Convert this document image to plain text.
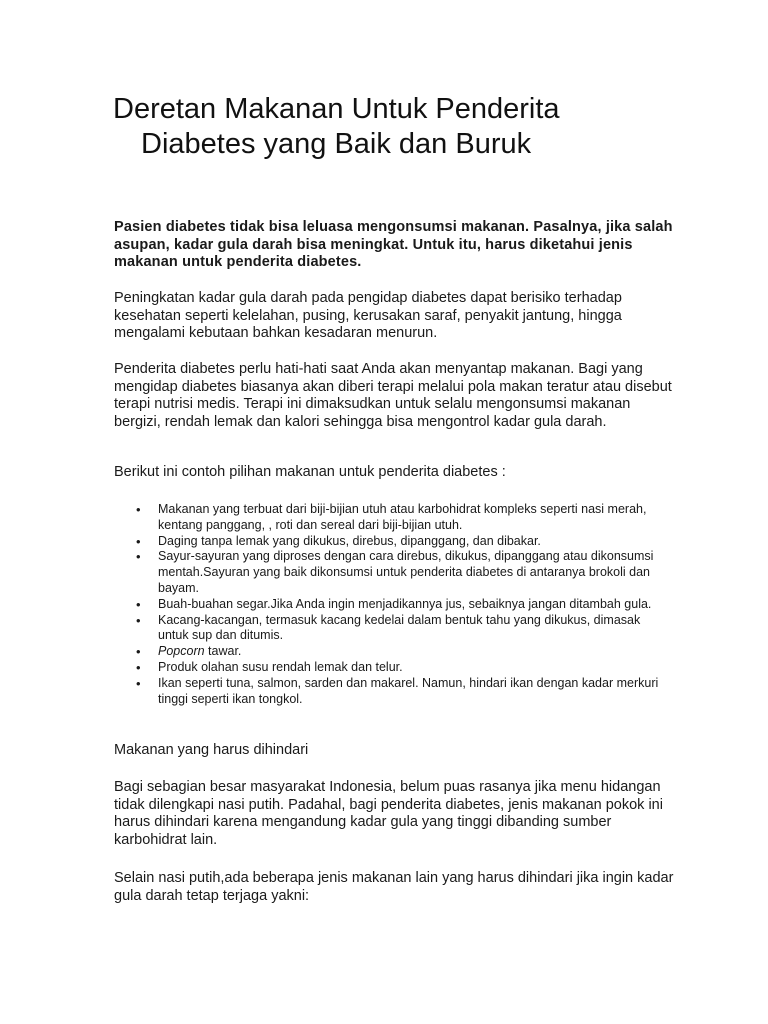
Deretan Makanan Untuk Penderita
Diabetes yang Baik dan Buruk

Pasien diabetes tidak bisa leluasa mengonsumsi makanan. Pasalnya, jika salah asupan, kadar gula darah bisa meningkat. Untuk itu, harus diketahui jenis makanan untuk penderita diabetes.

Peningkatan kadar gula darah pada pengidap diabetes dapat berisiko terhadap kesehatan seperti kelelahan, pusing, kerusakan saraf, penyakit jantung, hingga mengalami kebutaan bahkan kesadaran menurun.

Penderita diabetes perlu hati-hati saat Anda akan menyantap makanan. Bagi yang mengidap diabetes biasanya akan diberi terapi melalui pola makan teratur atau disebut terapi nutrisi medis. Terapi ini dimaksudkan untuk selalu mengonsumsi makanan bergizi, rendah lemak dan kalori sehingga bisa mengontrol kadar gula darah.

Berikut ini contoh pilihan makanan untuk penderita diabetes :

• Makanan yang terbuat dari biji-bijian utuh atau karbohidrat kompleks seperti nasi merah, kentang panggang, , roti dan sereal dari biji-bijian utuh.
• Daging tanpa lemak yang dikukus, direbus, dipanggang, dan dibakar.
• Sayur-sayuran yang diproses dengan cara direbus, dikukus, dipanggang atau dikonsumsi mentah.Sayuran yang baik dikonsumsi untuk penderita diabetes di antaranya brokoli dan bayam.
• Buah-buahan segar.Jika Anda ingin menjadikannya jus, sebaiknya jangan ditambah gula.
• Kacang-kacangan, termasuk kacang kedelai dalam bentuk tahu yang dikukus, dimasak untuk sup dan ditumis.
• Popcorn tawar.
• Produk olahan susu rendah lemak dan telur.
• Ikan seperti tuna, salmon, sarden dan makarel. Namun, hindari ikan dengan kadar merkuri tinggi seperti ikan tongkol.

Makanan yang harus dihindari

Bagi sebagian besar masyarakat Indonesia, belum puas rasanya jika menu hidangan tidak dilengkapi nasi putih. Padahal, bagi penderita diabetes, jenis makanan pokok ini harus dihindari karena mengandung kadar gula yang tinggi dibanding sumber karbohidrat lain.

Selain nasi putih,ada beberapa jenis makanan lain yang harus dihindari jika ingin kadar gula darah tetap terjaga yakni:
